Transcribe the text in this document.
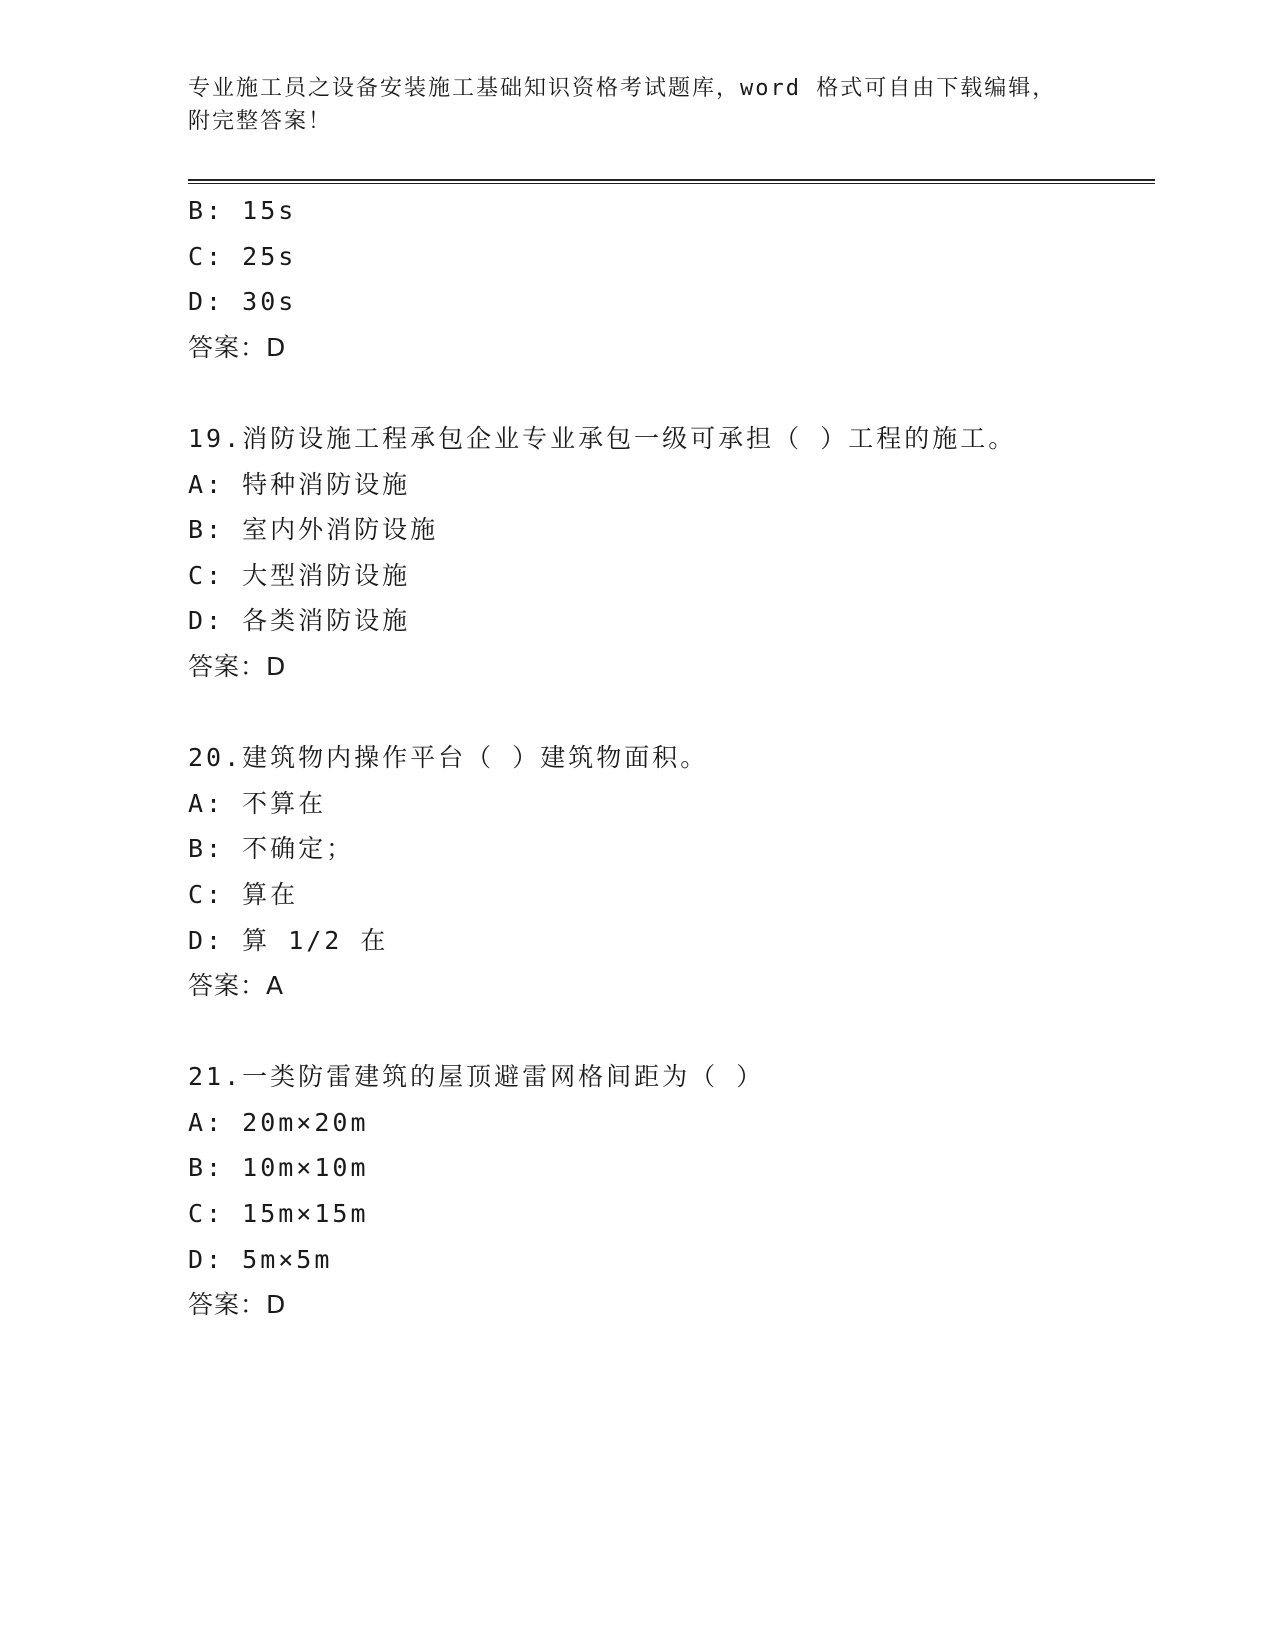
专业施工员之设备安装施工基础知识资格考试题库，word 格式可自由下载编辑，
附完整答案！
B: 15s
C: 25s
D: 30s
答案：D
19.消防设施工程承包企业专业承包一级可承担（ ）工程的施工。
A: 特种消防设施
B: 室内外消防设施
C: 大型消防设施
D: 各类消防设施
答案：D
20.建筑物内操作平台（ ）建筑物面积。
A: 不算在
B: 不确定；
C: 算在
D: 算 1/2 在
答案：A
21.一类防雷建筑的屋顶避雷网格间距为（ ）
A: 20m×20m
B: 10m×10m
C: 15m×15m
D: 5m×5m
答案：D
